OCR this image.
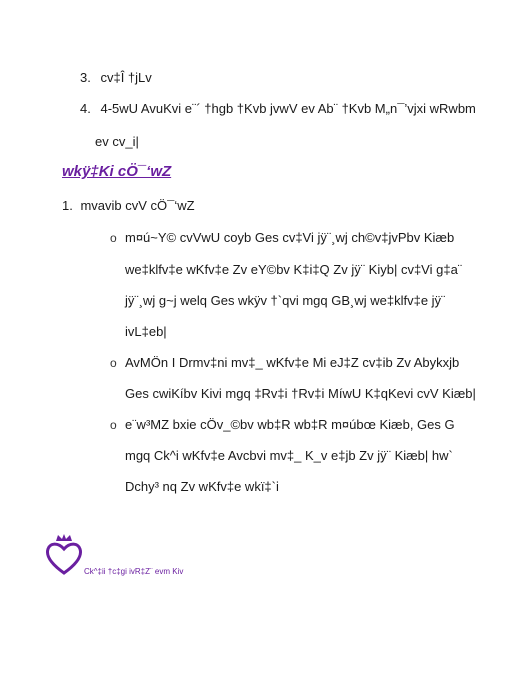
3. cv‡Î †jLv
4. 4-5wU AvuKvi e¨´ †hgb †Kvb jvwV ev Ab¨ †Kvb M„n¯’vjxi wRwbm
ev cv_i|
wkÿ‡Ki cÖ¯‘wZ
1. mvavib cvV cÖ¯‘wZ
o m¤ú~Y© cvVwU coyb Ges cv‡Vi jÿ¨¸wj ch©v‡jvPbv Kiæb
we‡klfv‡e wKfv‡e Zv eY©bv K‡i‡Q Zv jÿ¨ Kiyb| cv‡Vi g‡a¨
jÿ¨¸wj g~j welq Ges wkÿv †`qvi mgq GB¸wj we‡klfv‡e jÿ¨
ivL‡eb|
o AvMÖn I Drmv‡ni mv‡_ wKfv‡e Mi eJ‡Z cv‡ib Zv Abykxjb
Ges cwiKíbv Kivi mgq ‡Rv‡i †Rv‡i MíwU K‡qKevi cvV Kiæb|
o e¨w³MZ bxie cÖv_©bv wb‡R wb‡R m¤úbœ Kiæb, Ges G
mgq Ck^i wKfv‡e Avcbvi mv‡_ K_v e‡jb Zv jÿ¨ Kiæb| hw`
Dchy³ nq Zv wKfv‡e wkï‡`i
Ck^‡ii †c‡gi ivR‡Z¨ evm Kiv
